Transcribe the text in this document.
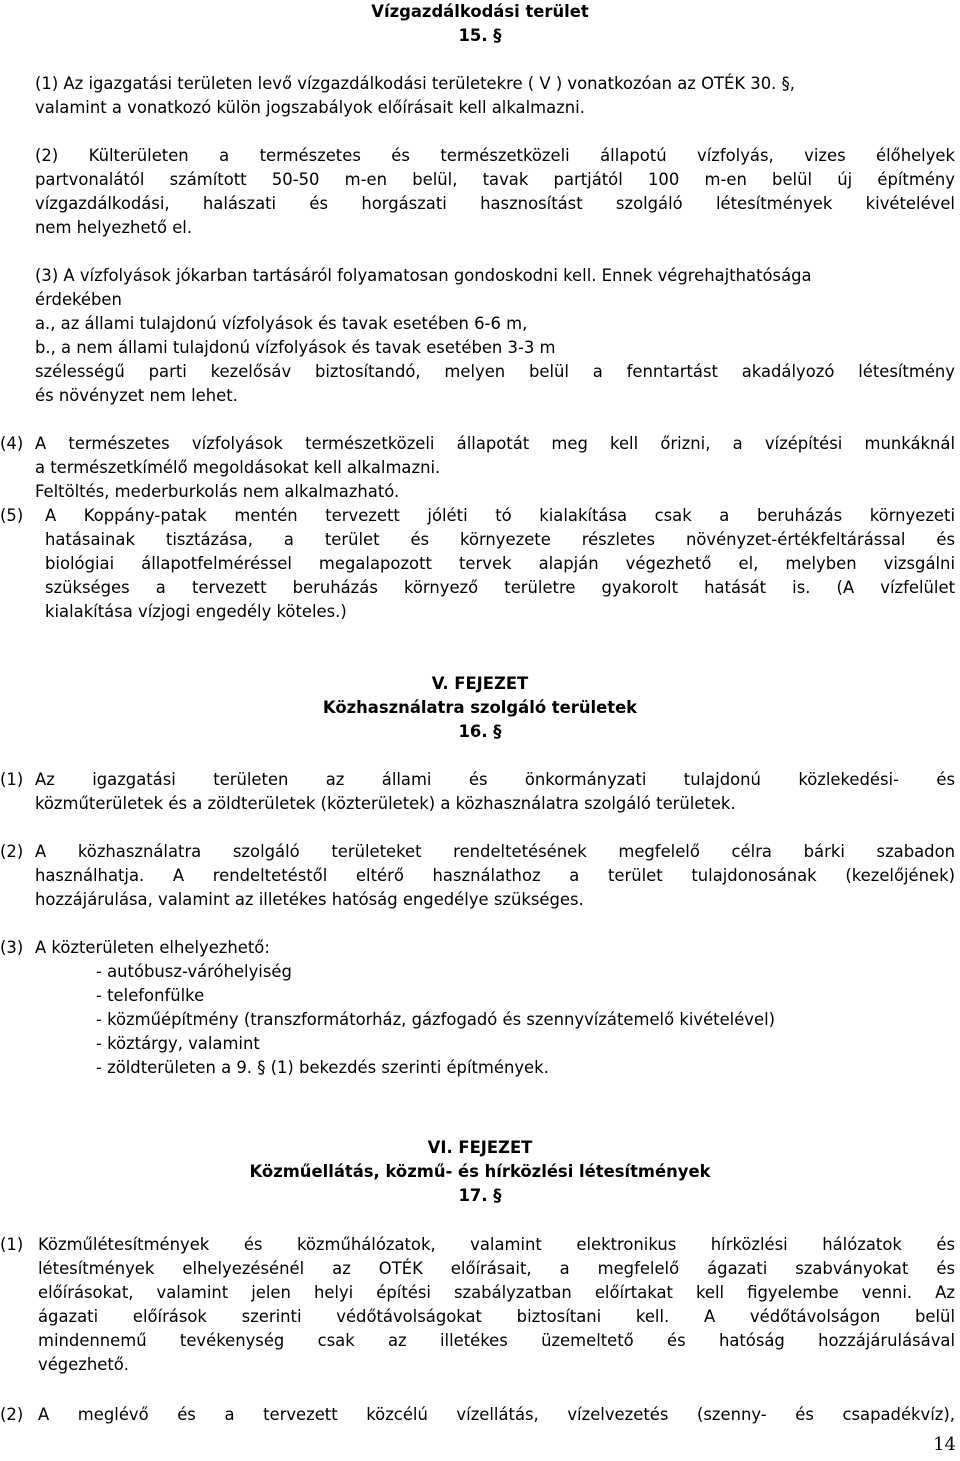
Vízgazdálkodási terület
15. §
(1) Az igazgatási területen levő vízgazdálkodási területekre ( V ) vonatkozóan az OTÉK 30. §,
valamint a vonatkozó külön jogszabályok előírásait kell alkalmazni.
(2) Külterületen a természetes és természetközeli állapotú vízfolyás, vizes élőhelyek
partvonalától számított 50-50 m-en belül, tavak partjától 100 m-en belül új építmény
vízgazdálkodási, halászati és horgászati hasznosítást szolgáló létesítmények kivételével
nem helyezhető el.
(3) A vízfolyások jókarban tartásáról folyamatosan gondoskodni kell. Ennek végrehajthatósága
érdekében
a., az állami tulajdonú vízfolyások és tavak esetében 6-6 m,
b., a nem állami tulajdonú vízfolyások és tavak esetében 3-3 m
szélességű parti kezelősáv biztosítandó, melyen belül a fenntartást akadályozó létesítmény
és növényzet nem lehet.
(4) A természetes vízfolyások természetközeli állapotát meg kell őrizni, a vízépítési munkáknál
a természetkímélő megoldásokat kell alkalmazni.
Feltöltés, mederburkolás nem alkalmazható.
(5) A Koppány-patak mentén tervezett jóléti tó kialakítása csak a beruházás környezeti
hatásainak tisztázása, a terület és környezete részletes növényzet-értékfeltárással és
biológiai állapotfelméréssel megalapozott tervek alapján végezhető el, melyben vizsgálni
szükséges a tervezett beruházás környező területre gyakorolt hatását is. (A vízfelület
kialakítása vízjogi engedély köteles.)
V. FEJEZET
Közhasználatra szolgáló területek
16. §
(1) Az igazgatási területen az állami és önkormányzati tulajdonú közlekedési- és
közműterületek és a zöldterületek (közterületek) a közhasználatra szolgáló területek.
(2) A közhasználatra szolgáló területeket rendeltetésének megfelelő célra bárki szabadon
használhatja. A rendeltetéstől eltérő használathoz a terület tulajdonosának (kezelőjének)
hozzájárulása, valamint az illetékes hatóság engedélye szükséges.
(3) A közterületen elhelyezhető:
- autóbusz-váróhelyiség
- telefonfülke
- közműépítmény (transzformátorház, gázfogadó és szennyvízátemelő kivételével)
- köztárgy, valamint
- zöldterületen a 9. § (1) bekezdés szerinti építmények.
VI. FEJEZET
Közműellátás, közmű- és hírközlési létesítmények
17. §
(1) Közműlétesítmények és közműhálózatok, valamint elektronikus hírközlési hálózatok és
létesítmények elhelyezésénél az OTÉK előírásait, a megfelelő ágazati szabványokat és
előírásokat, valamint jelen helyi építési szabályzatban előírtakat kell figyelembe venni. Az
ágazati előírások szerinti védőtávolságokat biztosítani kell. A védőtávolságon belül
mindennemű tevékenység csak az illetékes üzemeltető és hatóság hozzájárulásával
végezhető.
(2) A meglévő és a tervezett közcélú vízellátás, vízelvezetés (szenny- és csapadékvíz),
14
